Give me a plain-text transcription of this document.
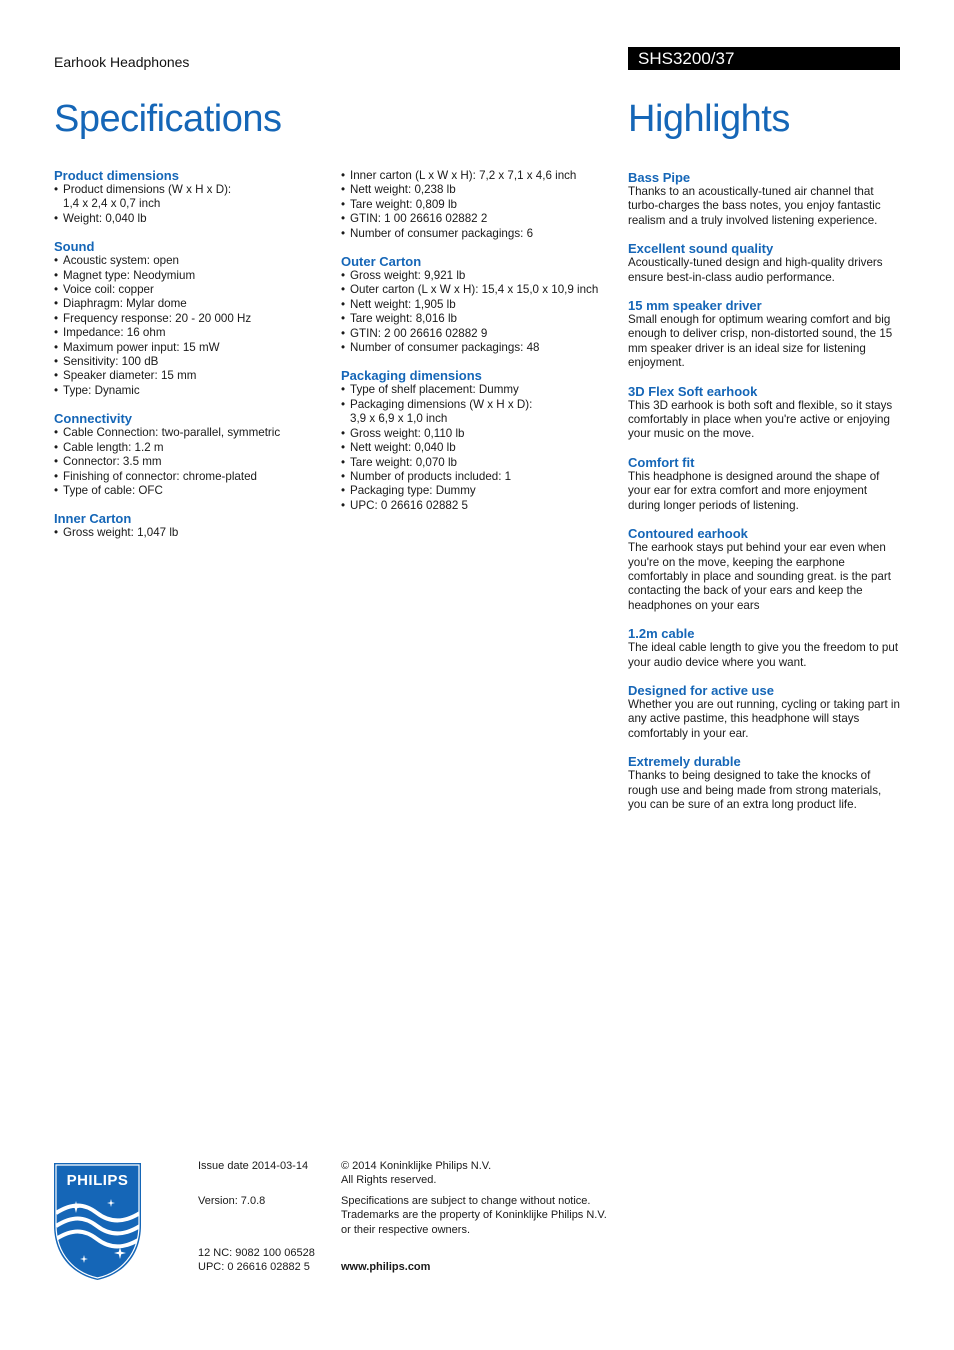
Earhook Headphones	SHS3200/37
Specifications	Highlights
Product dimensions
• Product dimensions (W x H x D):
1,4 x 2,4 x 0,7 inch
• Weight: 0,040 lb
Sound
• Acoustic system: open
• Magnet type: Neodymium
• Voice coil: copper
• Diaphragm: Mylar dome
• Frequency response: 20 - 20 000 Hz
• Impedance: 16 ohm
• Maximum power input: 15 mW
• Sensitivity: 100 dB
• Speaker diameter: 15 mm
• Type: Dynamic
Connectivity
• Cable Connection: two-parallel, symmetric
• Cable length: 1.2 m
• Connector: 3.5 mm
• Finishing of connector: chrome-plated
• Type of cable: OFC
Inner Carton
• Gross weight: 1,047 lb
• Inner carton (L x W x H): 7,2 x 7,1 x 4,6 inch
• Nett weight: 0,238 lb
• Tare weight: 0,809 lb
• GTIN: 1 00 26616 02882 2
• Number of consumer packagings: 6
Outer Carton
• Gross weight: 9,921 lb
• Outer carton (L x W x H): 15,4 x 15,0 x 10,9 inch
• Nett weight: 1,905 lb
• Tare weight: 8,016 lb
• GTIN: 2 00 26616 02882 9
• Number of consumer packagings: 48
Packaging dimensions
• Type of shelf placement: Dummy
• Packaging dimensions (W x H x D):
3,9 x 6,9 x 1,0 inch
• Gross weight: 0,110 lb
• Nett weight: 0,040 lb
• Tare weight: 0,070 lb
• Number of products included: 1
• Packaging type: Dummy
• UPC: 0 26616 02882 5
Bass Pipe

Thanks to an acoustically-tuned air channel that turbo-charges the bass notes, you enjoy fantastic realism and a truly involved listening experience.

Excellent sound quality

Acoustically-tuned design and high-quality drivers ensure best-in-class audio performance.

15 mm speaker driver

Small enough for optimum wearing comfort and big enough to deliver crisp, non-distorted sound, the 15 mm speaker driver is an ideal size for listening enjoyment.

3D Flex Soft earhook

This 3D earhook is both soft and flexible, so it stays comfortably in place when you're active or enjoying your music on the move.

Comfort fit

This headphone is designed around the shape of your ear for extra comfort and more enjoyment during longer periods of listening.

Contoured earhook

The earhook stays put behind your ear even when you're on the move, keeping the earphone comfortably in place and sounding great. is the part contacting the back of your ears and keep the headphones on your ears

1.2m cable

The ideal cable length to give you the freedom to put your audio device where you want.

Designed for active use

Whether you are out running, cycling or taking part in any active pastime, this headphone will stays comfortably in your ear.

Extremely durable

Thanks to being designed to take the knocks of rough use and being made from strong materials, you can be sure of an extra long product life.

PHILIPS
Issue date 2014-03-14
Version: 7.0.8
12 NC: 9082 100 06528
UPC: 0 26616 02882 5
© 2014 Koninklijke Philips N.V.
All Rights reserved.
Specifications are subject to change without notice.
Trademarks are the property of Koninklijke Philips N.V.
or their respective owners.
www.philips.com
